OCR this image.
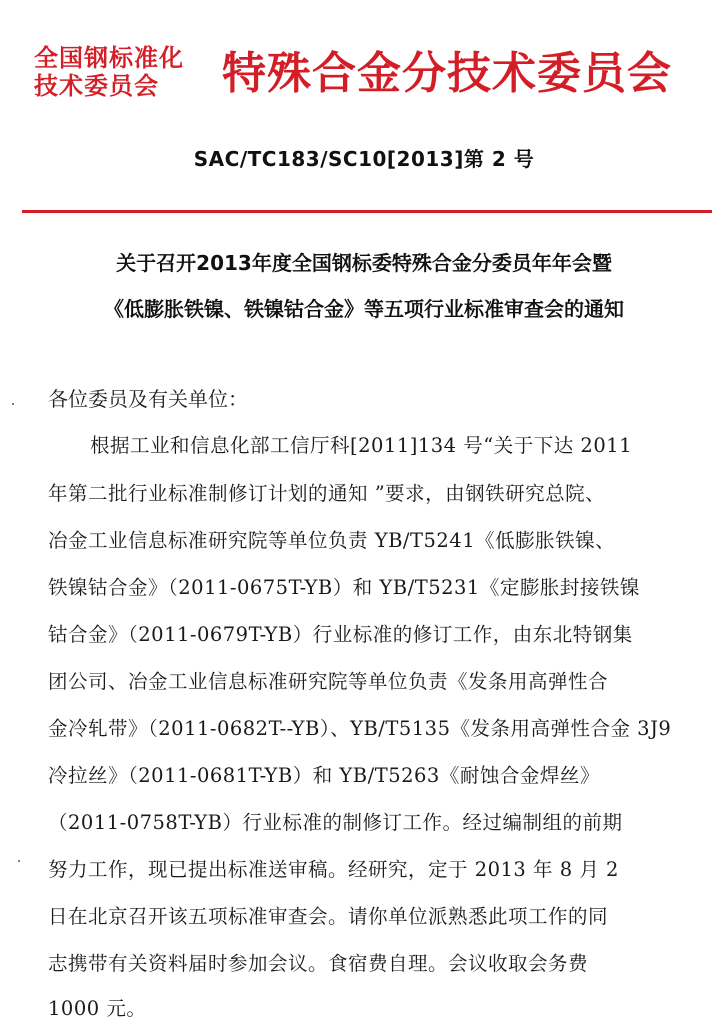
全国钢标准化
技术委员会	特殊合金分技术委员会
SAC/TC183/SC10[2013]第 2 号
关于召开2013年度全国钢标委特殊合金分委员年年会暨
《低膨胀铁镍、铁镍钴合金》等五项行业标准审查会的通知
各位委员及有关单位：
根据工业和信息化部工信厅科[2011]134 号“关于下达 2011
年第二批行业标准制修订计划的通知 ”要求，由钢铁研究总院、
冶金工业信息标准研究院等单位负责 YB/T5241《低膨胀铁镍、
铁镍钴合金》（2011-0675T-YB）和 YB/T5231《定膨胀封接铁镍
钴合金》（2011-0679T-YB）行业标准的修订工作，由东北特钢集
团公司、冶金工业信息标准研究院等单位负责《发条用高弹性合
金冷轧带》（2011-0682T--YB）、YB/T5135《发条用高弹性合金 3J9
冷拉丝》（2011-0681T-YB）和 YB/T5263《耐蚀合金焊丝》
（2011-0758T-YB）行业标准的制修订工作。经过编制组的前期
努力工作，现已提出标准送审稿。经研究，定于 2013 年 8 月 2
日在北京召开该五项标准审查会。请你单位派熟悉此项工作的同
志携带有关资料届时参加会议。食宿费自理。会议收取会务费
1000 元。
